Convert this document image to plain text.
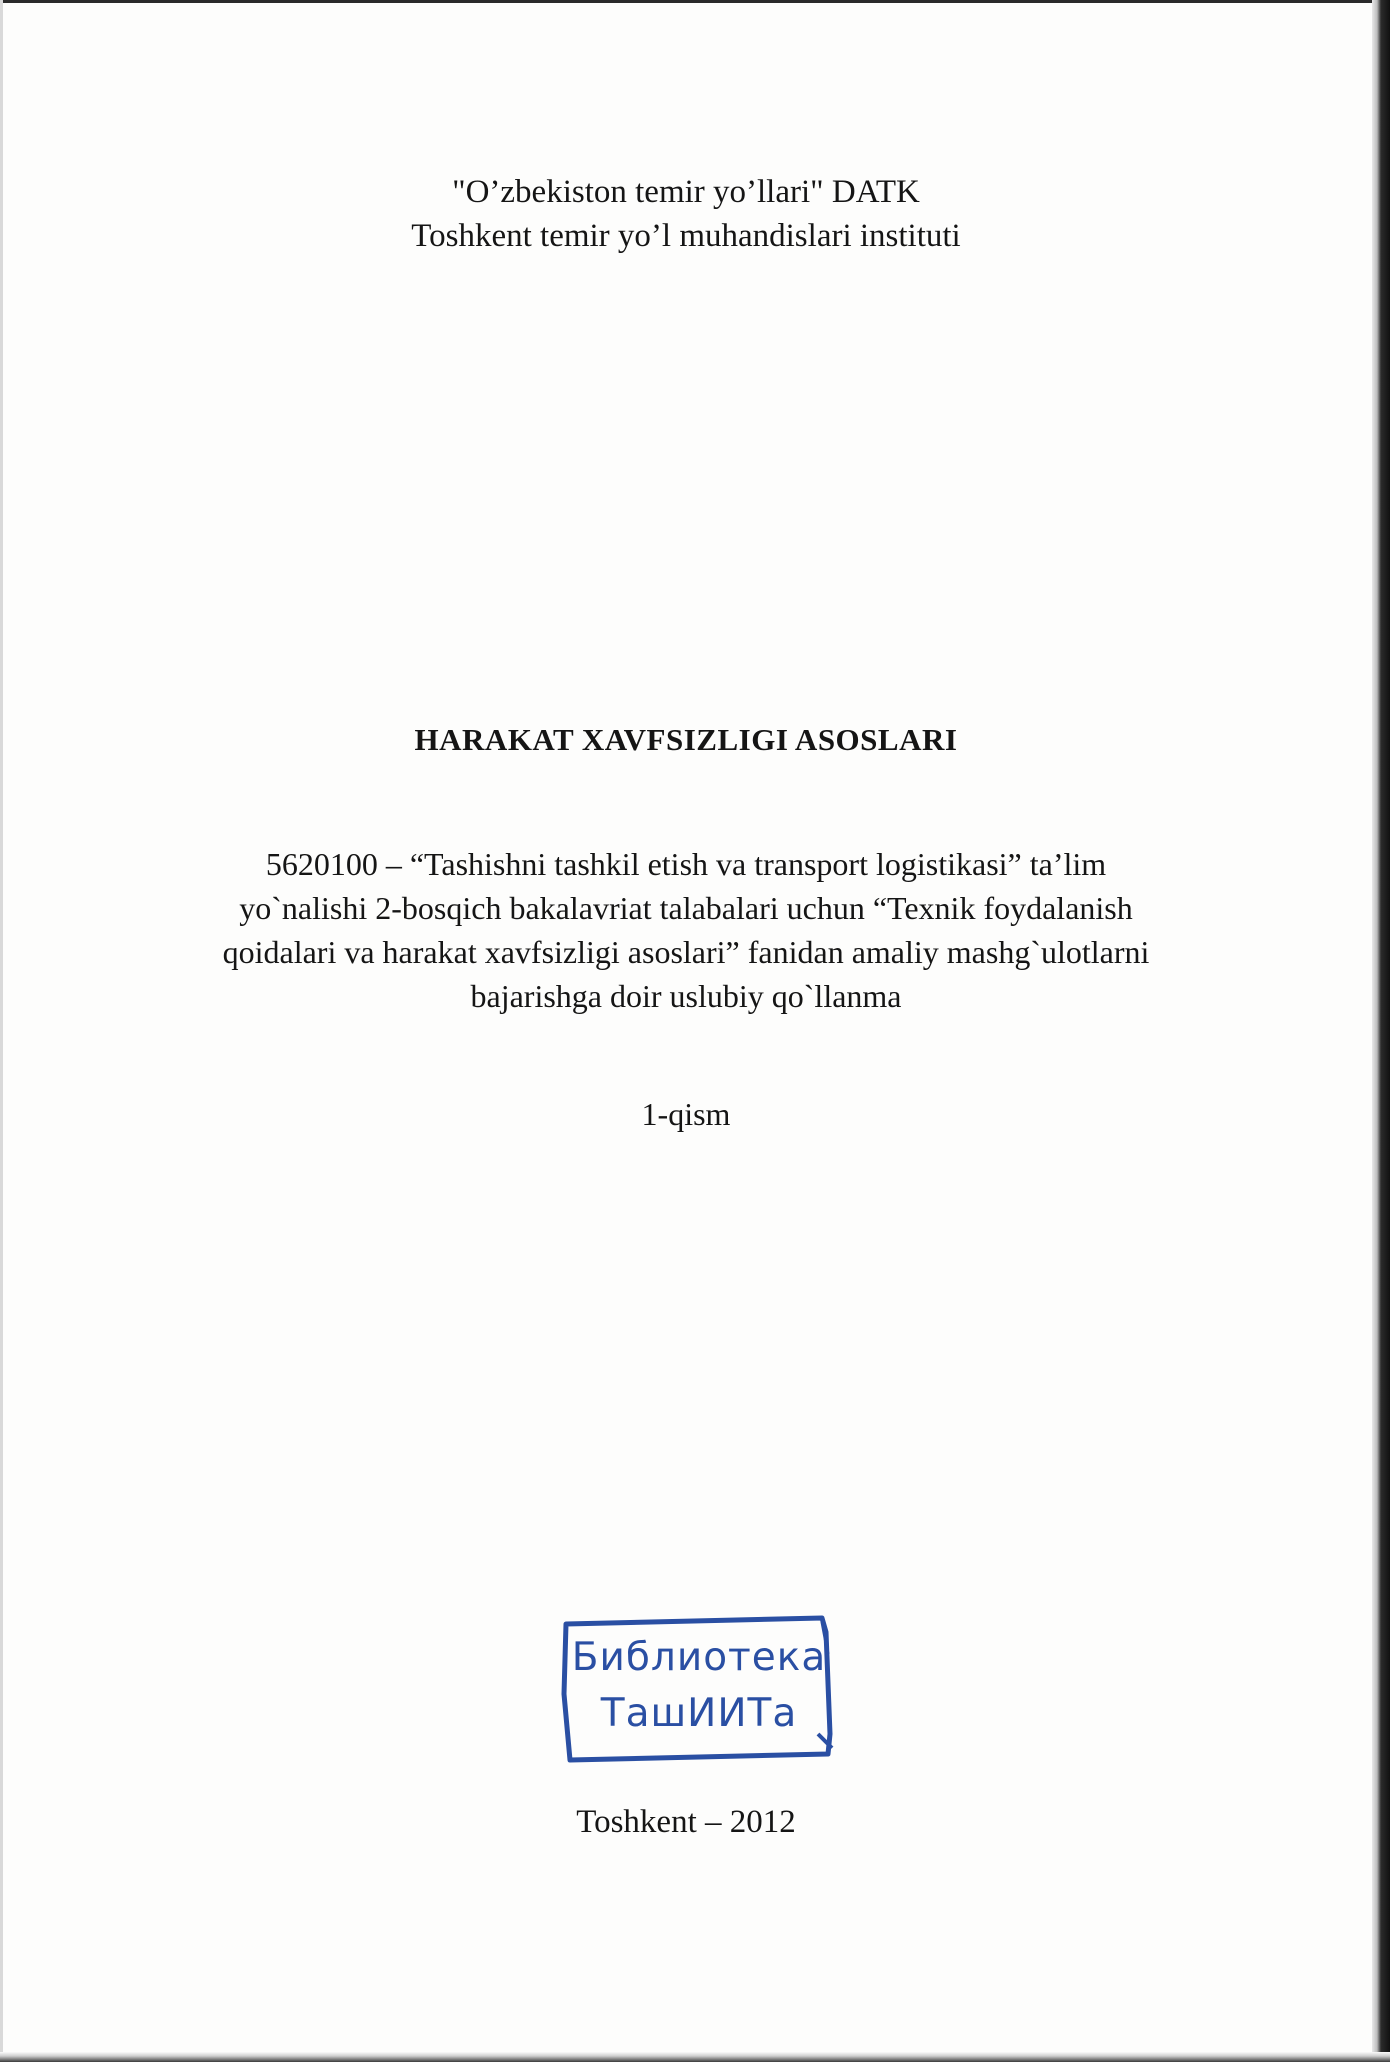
"O’zbekiston temir yo’llari" DATK
Toshkent temir yo’l muhandislari instituti
HARAKAT XAVFSIZLIGI ASOSLARI
5620100 – “Tashishni tashkil etish va transport logistikasi” ta’lim
yo`nalishi 2-bosqich bakalavriat talabalari uchun “Texnik foydalanish
qoidalari va harakat xavfsizligi asoslari” fanidan amaliy mashg`ulotlarni
bajarishga doir uslubiy qo`llanma
1-qism
Библиотека
ТашИИТа
Toshkent – 2012
